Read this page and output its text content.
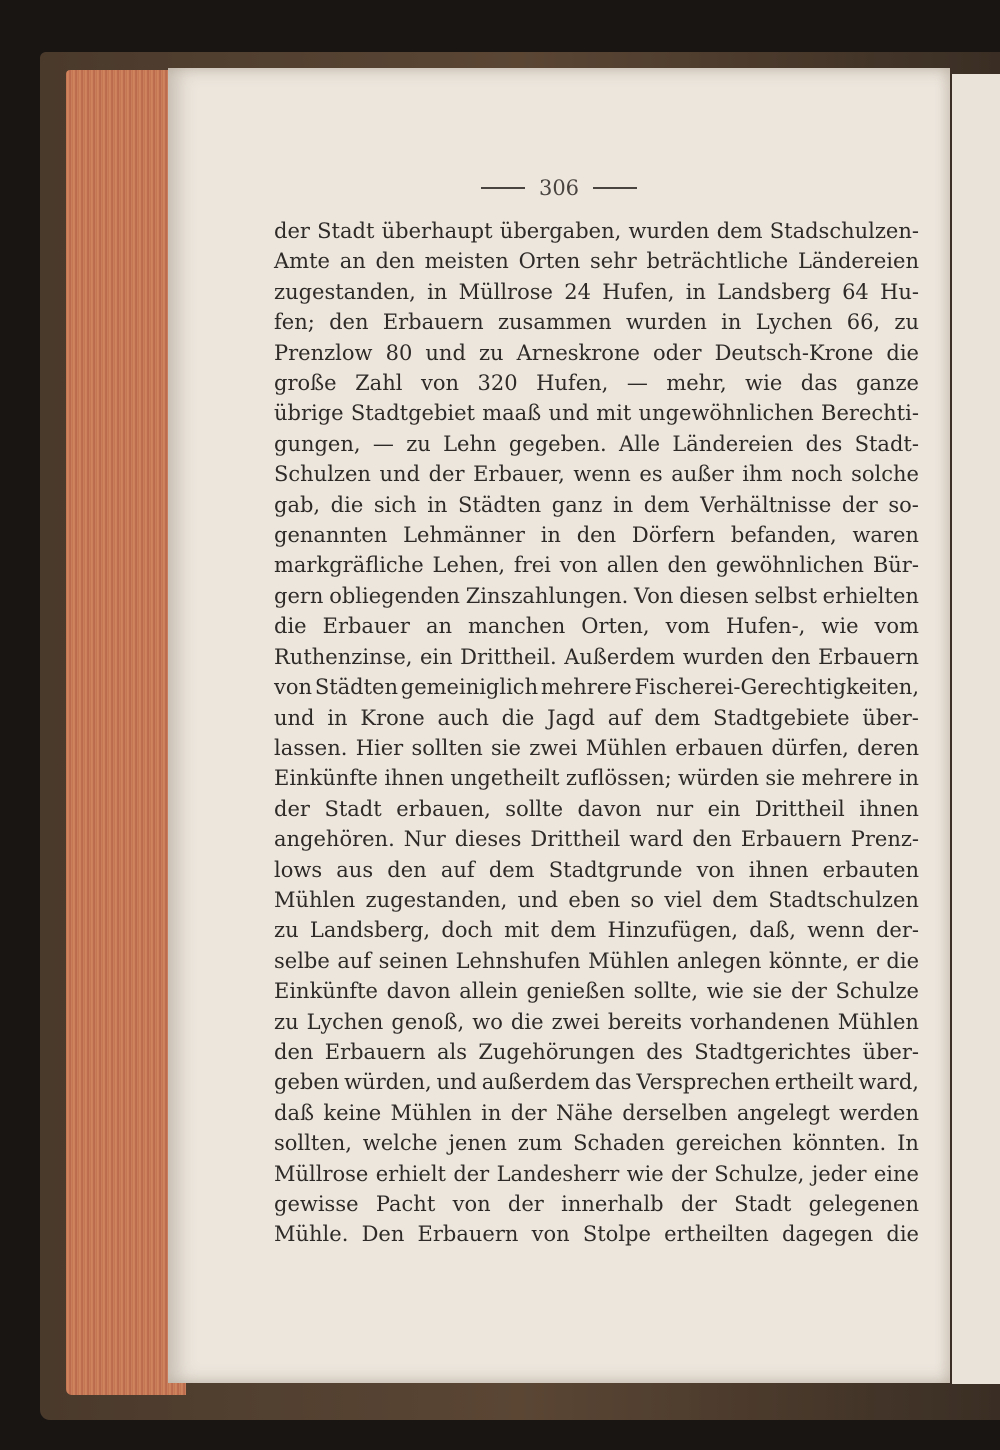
306
der Stadt überhaupt übergaben, wurden dem Stadschulzen-
Amte an den meisten Orten sehr beträchtliche Ländereien
zugestanden, in Müllrose 24 Hufen, in Landsberg 64 Hu-
fen; den Erbauern zusammen wurden in Lychen 66, zu
Prenzlow 80 und zu Arneskrone oder Deutsch-Krone die
große Zahl von 320 Hufen, — mehr, wie das ganze
übrige Stadtgebiet maaß und mit ungewöhnlichen Berechti-
gungen, — zu Lehn gegeben. Alle Ländereien des Stadt-
Schulzen und der Erbauer, wenn es außer ihm noch solche
gab, die sich in Städten ganz in dem Verhältnisse der so-
genannten Lehmänner in den Dörfern befanden, waren
markgräfliche Lehen, frei von allen den gewöhnlichen Bür-
gern obliegenden Zinszahlungen. Von diesen selbst erhielten
die Erbauer an manchen Orten, vom Hufen-, wie vom
Ruthenzinse, ein Drittheil. Außerdem wurden den Erbauern
von Städten gemeiniglich mehrere Fischerei-Gerechtigkeiten,
und in Krone auch die Jagd auf dem Stadtgebiete über-
lassen. Hier sollten sie zwei Mühlen erbauen dürfen, deren
Einkünfte ihnen ungetheilt zuflössen; würden sie mehrere in
der Stadt erbauen, sollte davon nur ein Drittheil ihnen
angehören. Nur dieses Drittheil ward den Erbauern Prenz-
lows aus den auf dem Stadtgrunde von ihnen erbauten
Mühlen zugestanden, und eben so viel dem Stadtschulzen
zu Landsberg, doch mit dem Hinzufügen, daß, wenn der-
selbe auf seinen Lehnshufen Mühlen anlegen könnte, er die
Einkünfte davon allein genießen sollte, wie sie der Schulze
zu Lychen genoß, wo die zwei bereits vorhandenen Mühlen
den Erbauern als Zugehörungen des Stadtgerichtes über-
geben würden, und außerdem das Versprechen ertheilt ward,
daß keine Mühlen in der Nähe derselben angelegt werden
sollten, welche jenen zum Schaden gereichen könnten. In
Müllrose erhielt der Landesherr wie der Schulze, jeder eine
gewisse Pacht von der innerhalb der Stadt gelegenen
Mühle. Den Erbauern von Stolpe ertheilten dagegen die
